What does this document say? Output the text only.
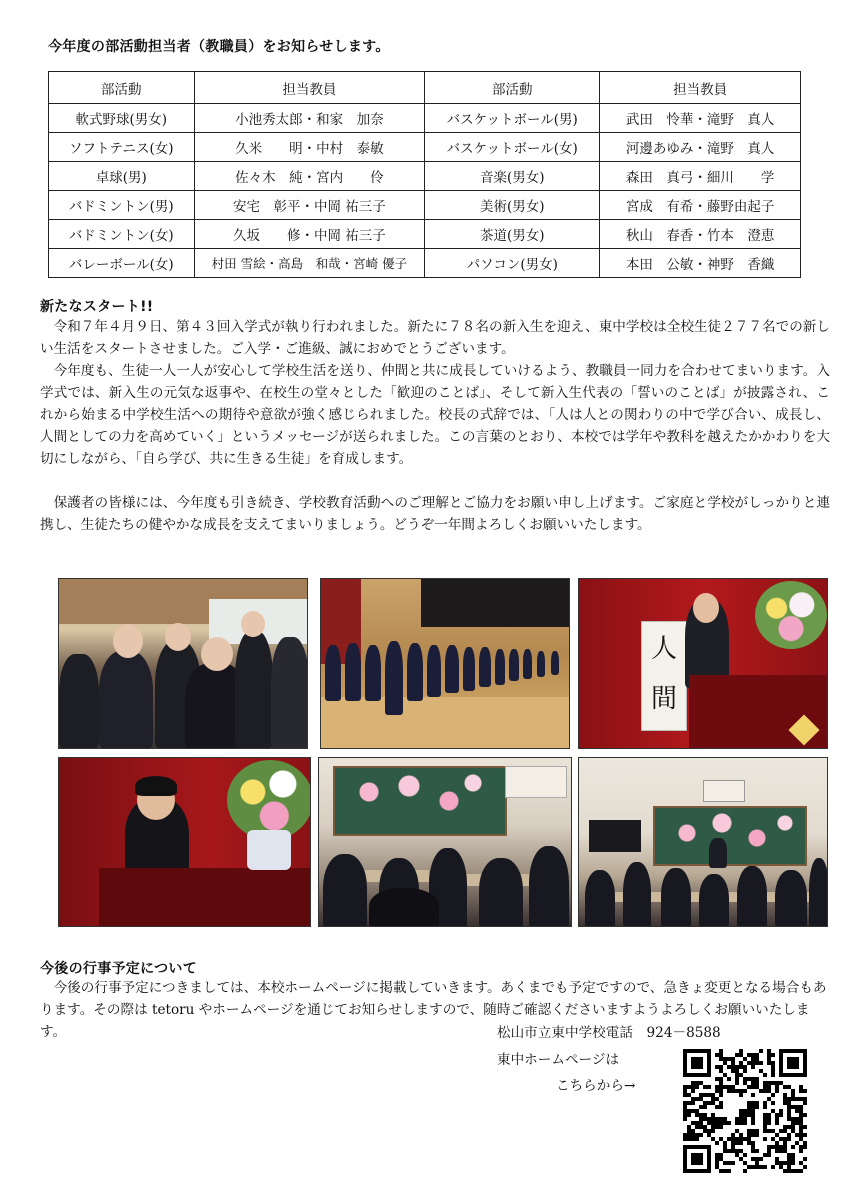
今年度の部活動担当者（教職員）をお知らせします。
部活動	担当教員	部活動	担当教員
軟式野球(男女)	小池秀太郎・和家　加奈	バスケットボール(男)	武田　怜華・滝野　真人
ソフトテニス(女)	久米　　明・中村　泰敏	バスケットボール(女)	河邊あゆみ・滝野　真人
卓球(男)	佐々木　純・宮内　　伶	音楽(男女)	森田　真弓・細川　　学
バドミントン(男)	安宅　彰平・中岡 祐三子	美術(男女)	宮成　有希・藤野由起子
バドミントン(女)	久坂　　修・中岡 祐三子	茶道(男女)	秋山　春香・竹本　澄恵
バレーボール(女)	村田 雪絵・高島　和哉・宮崎 優子	パソコン(男女)	本田　公敏・神野　香織
新たなスタート!!

令和７年４月９日、第４３回入学式が執り行われました。新たに７８名の新入生を迎え、東中学校は全校生徒２７７名での新しい生活をスタートさせました。ご入学・ご進級、誠におめでとうございます。

今年度も、生徒一人一人が安心して学校生活を送り、仲間と共に成長していけるよう、教職員一同力を合わせてまいります。入学式では、新入生の元気な返事や、在校生の堂々とした「歓迎のことば」、そして新入生代表の「誓いのことば」が披露され、これから始まる中学校生活への期待や意欲が強く感じられました。校長の式辞では、「人は人との関わりの中で学び合い、成長し、人間としての力を高めていく」というメッセージが送られました。この言葉のとおり、本校では学年や教科を越えたかかわりを大切にしながら、「自ら学び、共に生きる生徒」を育成します。

保護者の皆様には、今年度も引き続き、学校教育活動へのご理解とご協力をお願い申し上げます。ご家庭と学校がしっかりと連携し、生徒たちの健やかな成長を支えてまいりましょう。どうぞ一年間よろしくお願いいたします。

人
間
今後の行事予定について

今後の行事予定につきましては、本校ホームページに掲載していきます。あくまでも予定ですので、急きょ変更となる場合もあります。その際は tetoru やホームページを通じてお知らせしますので、随時ご確認くださいますようよろしくお願いいたします。	松山市立東中学校電話　924－8588
東中ホームページは
こちらから→
